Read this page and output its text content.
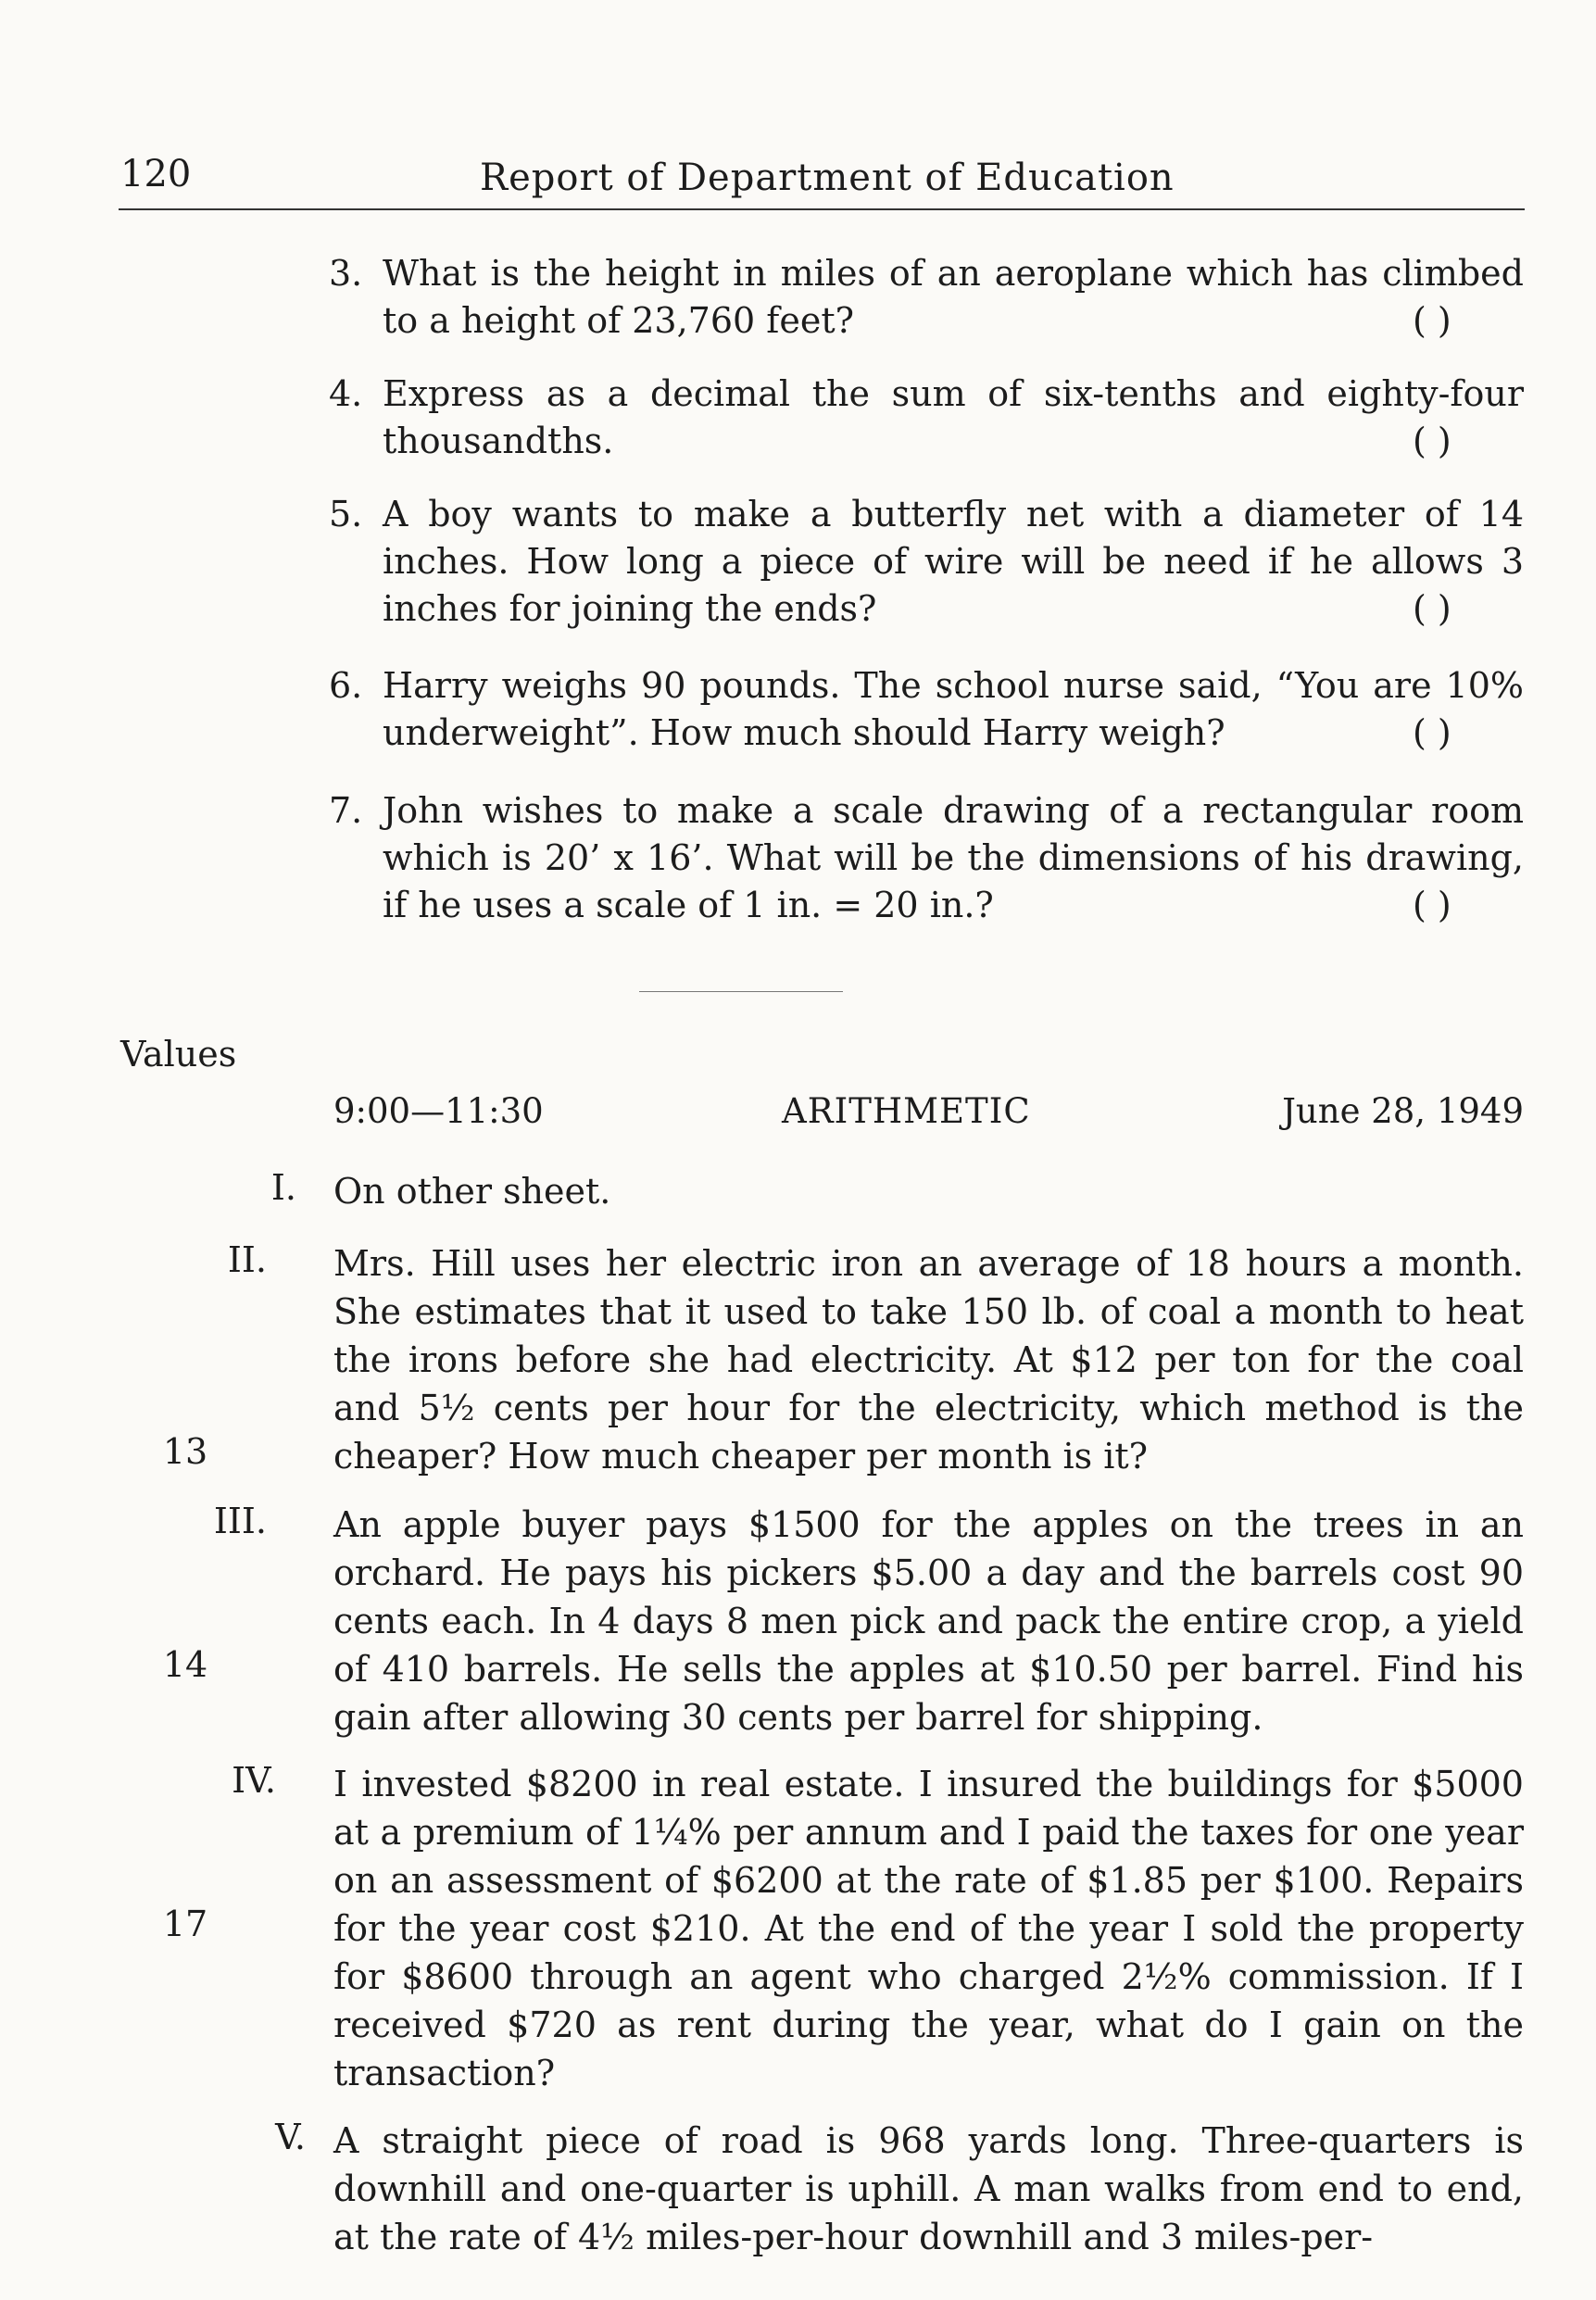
120	Report of Department of Education
3. What is the height in miles of an aeroplane which has climbed to a height of 23,760 feet?	( )
4. Express as a decimal the sum of six-tenths and eighty-four thousandths.	( )
5. A boy wants to make a butterfly net with a diameter of 14 inches. How long a piece of wire will be need if he allows 3 inches for joining the ends?	( )
6. Harry weighs 90 pounds. The school nurse said, “You are 10% underweight”. How much should Harry weigh?	( )
7. John wishes to make a scale drawing of a rectangular room which is 20’ x 16’. What will be the dimensions of his drawing, if he uses a scale of 1 in. = 20 in.?	( )
Values
9:00—11:30	ARITHMETIC	June 28, 1949
I. On other sheet.
II. Mrs. Hill uses her electric iron an average of 18 hours a month. She estimates that it used to take 150 lb. of coal a month to heat the irons before she had electricity. At $12 per ton for the coal and 5½ cents per hour for the electricity, which method is the cheaper? How much cheaper per month is it?
13
III. An apple buyer pays $1500 for the apples on the trees in an orchard. He pays his pickers $5.00 a day and the barrels cost 90 cents each. In 4 days 8 men pick and pack the entire crop, a yield of 410 barrels. He sells the apples at $10.50 per barrel. Find his gain after allowing 30 cents per barrel for shipping.
14
IV. I invested $8200 in real estate. I insured the buildings for $5000 at a premium of 1¼% per annum and I paid the taxes for one year on an assessment of $6200 at the rate of $1.85 per $100. Repairs for the year cost $210. At the end of the year I sold the property for $8600 through an agent who charged 2½% commission. If I received $720 as rent during the year, what do I gain on the transaction?
17
V. A straight piece of road is 968 yards long. Three-quarters is downhill and one-quarter is uphill. A man walks from end to end, at the rate of 4½ miles-per-hour downhill and 3 miles-per-
